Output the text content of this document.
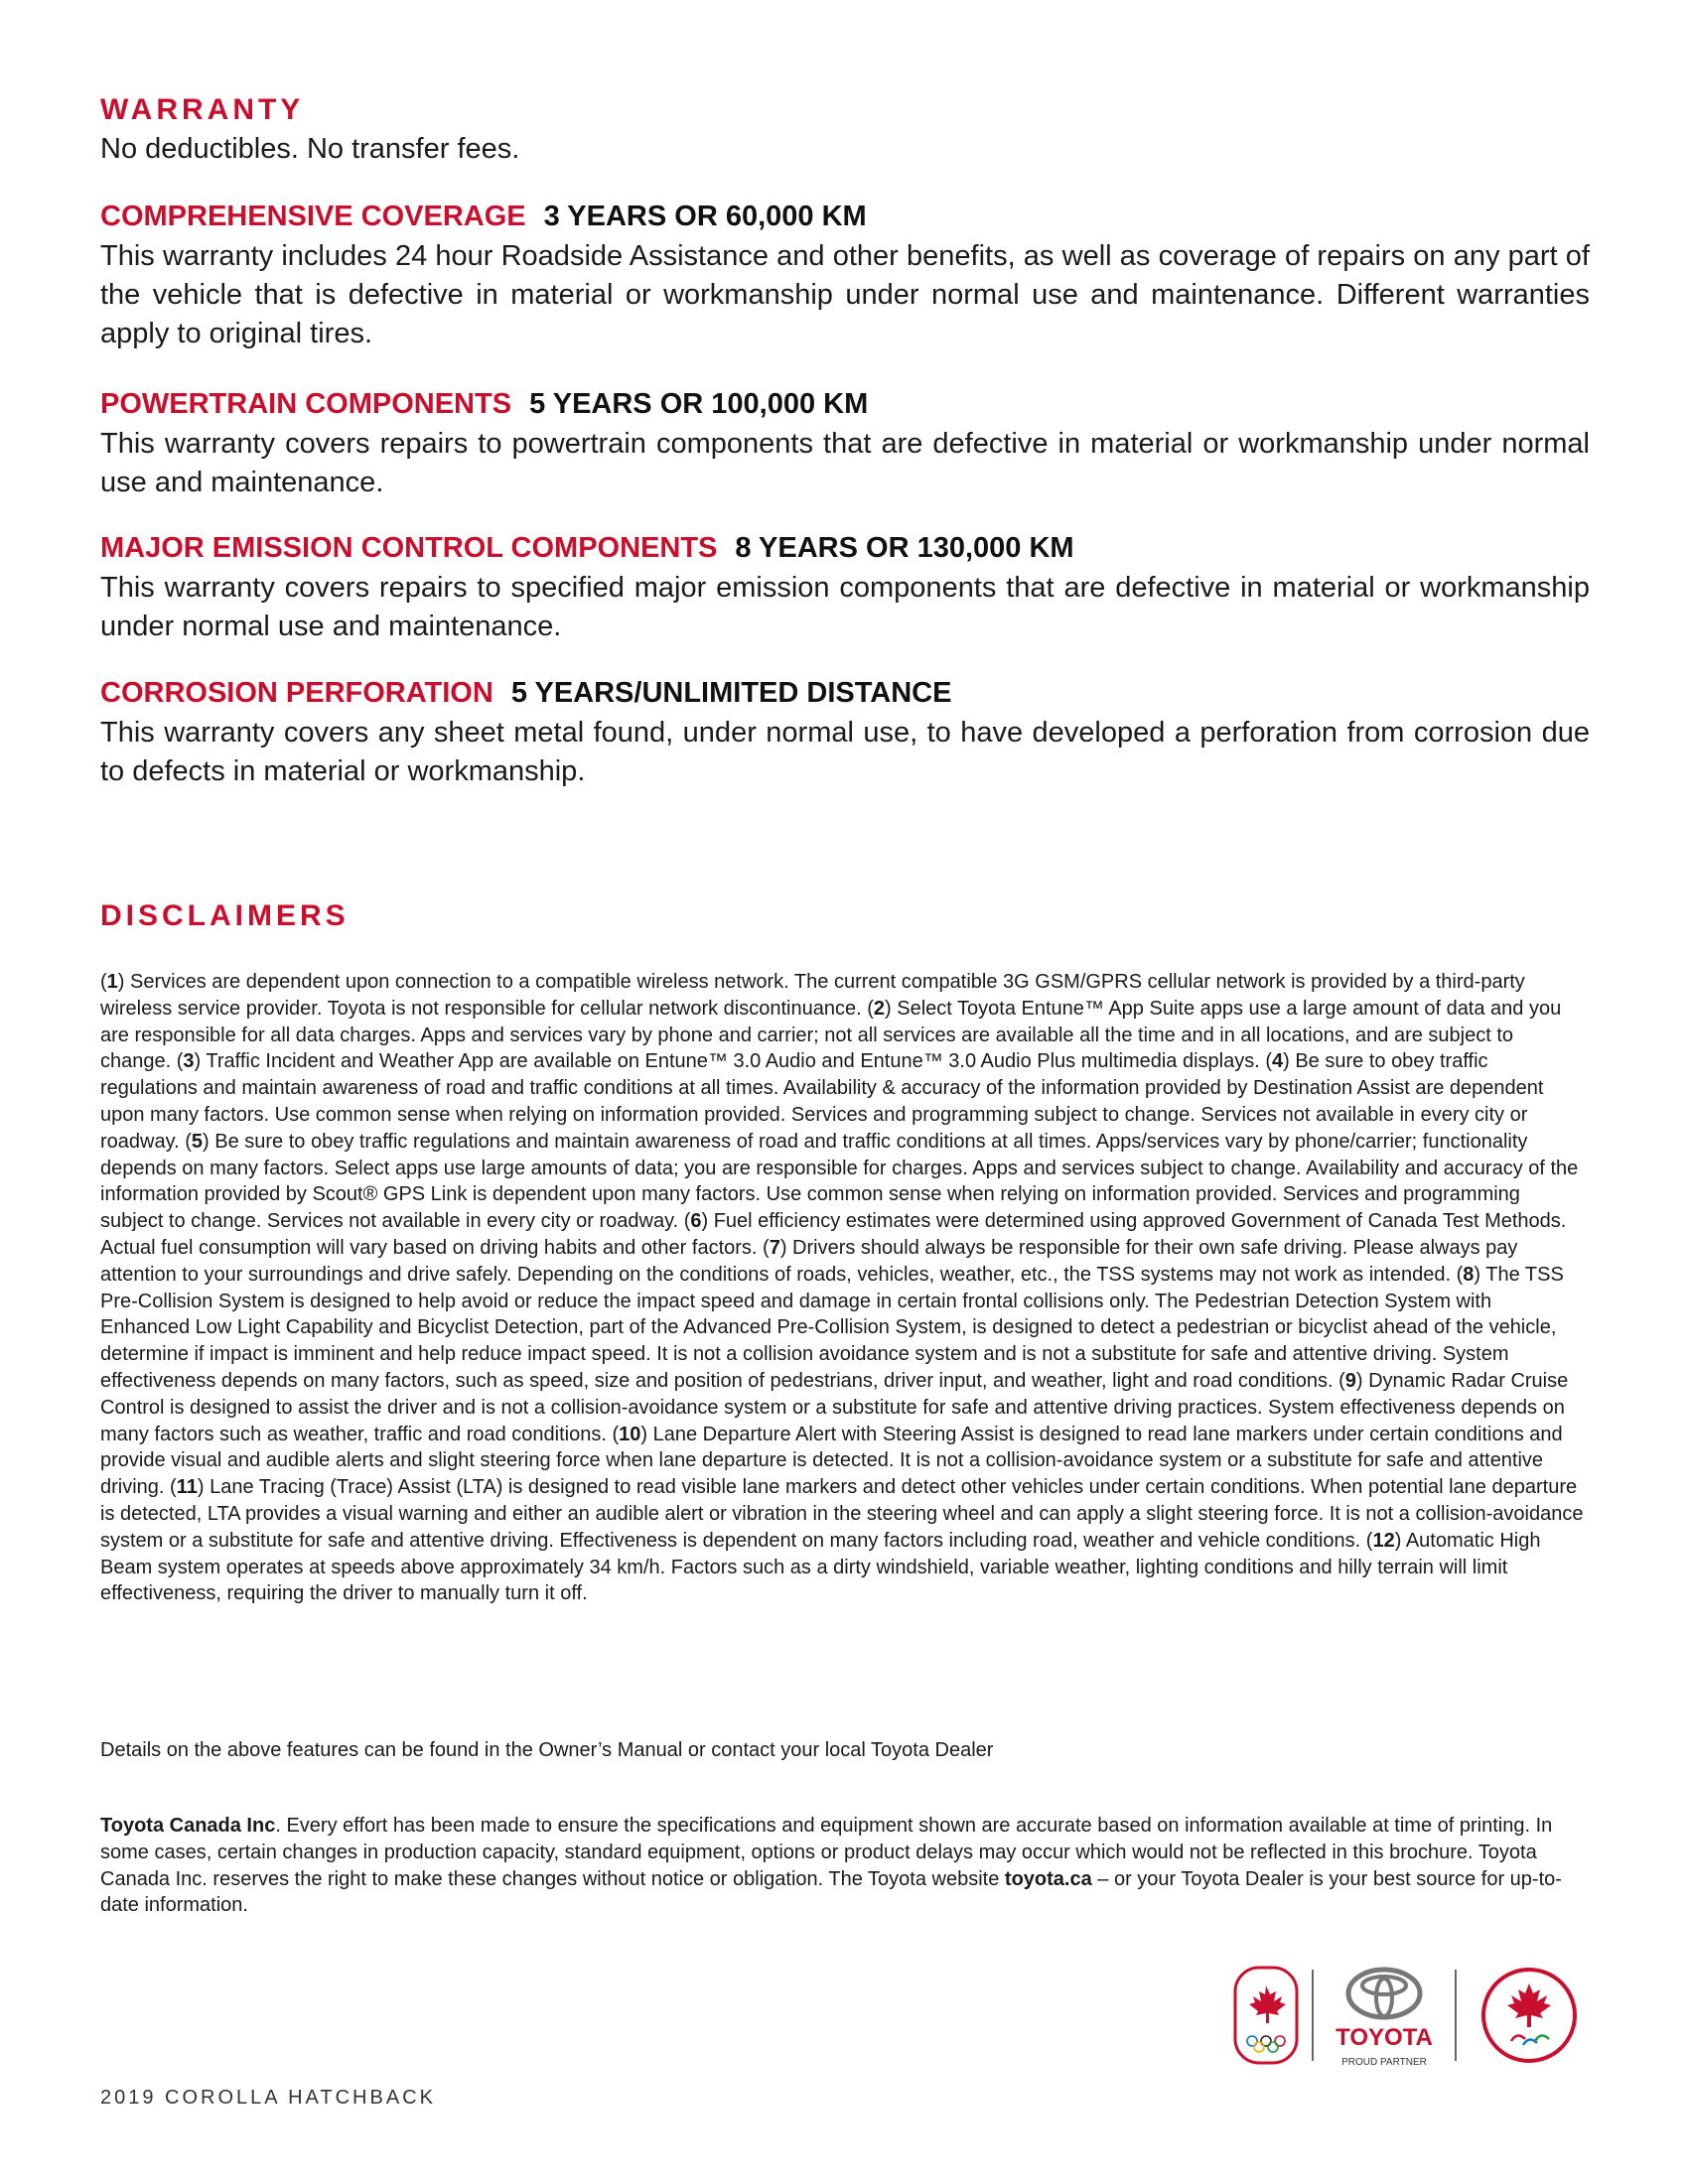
WARRANTY
No deductibles. No transfer fees.

COMPREHENSIVE COVERAGE 3 YEARS OR 60,000 KM

This warranty includes 24 hour Roadside Assistance and other benefits, as well as coverage of repairs on any part of the vehicle that is defective in material or workmanship under normal use and maintenance. Different warranties apply to original tires.

POWERTRAIN COMPONENTS 5 YEARS OR 100,000 KM

This warranty covers repairs to powertrain components that are defective in material or workmanship under normal use and maintenance.

MAJOR EMISSION CONTROL COMPONENTS 8 YEARS OR 130,000 KM

This warranty covers repairs to specified major emission components that are defective in material or workmanship under normal use and maintenance.

CORROSION PERFORATION 5 YEARS/UNLIMITED DISTANCE

This warranty covers any sheet metal found, under normal use, to have developed a perforation from corrosion due to defects in material or workmanship.

DISCLAIMERS

(1) Services are dependent upon connection to a compatible wireless network. The current compatible 3G GSM/GPRS cellular network is provided by a third-party wireless service provider. Toyota is not responsible for cellular network discontinuance. (2) Select Toyota Entune™ App Suite apps use a large amount of data and you are responsible for all data charges. Apps and services vary by phone and carrier; not all services are available all the time and in all locations, and are subject to change. (3) Traffic Incident and Weather App are available on Entune™ 3.0 Audio and Entune™ 3.0 Audio Plus multimedia displays. (4) Be sure to obey traffic regulations and maintain awareness of road and traffic conditions at all times. Availability & accuracy of the information provided by Destination Assist are dependent upon many factors. Use common sense when relying on information provided. Services and programming subject to change. Services not available in every city or roadway. (5) Be sure to obey traffic regulations and maintain awareness of road and traffic conditions at all times. Apps/services vary by phone/carrier; functionality depends on many factors. Select apps use large amounts of data; you are responsible for charges. Apps and services subject to change. Availability and accuracy of the information provided by Scout® GPS Link is dependent upon many factors. Use common sense when relying on information provided. Services and programming subject to change. Services not available in every city or roadway. (6) Fuel efficiency estimates were determined using approved Government of Canada Test Methods. Actual fuel consumption will vary based on driving habits and other factors. (7) Drivers should always be responsible for their own safe driving. Please always pay attention to your surroundings and drive safely. Depending on the conditions of roads, vehicles, weather, etc., the TSS systems may not work as intended. (8) The TSS Pre-Collision System is designed to help avoid or reduce the impact speed and damage in certain frontal collisions only. The Pedestrian Detection System with Enhanced Low Light Capability and Bicyclist Detection, part of the Advanced Pre-Collision System, is designed to detect a pedestrian or bicyclist ahead of the vehicle, determine if impact is imminent and help reduce impact speed. It is not a collision avoidance system and is not a substitute for safe and attentive driving. System effectiveness depends on many factors, such as speed, size and position of pedestrians, driver input, and weather, light and road conditions. (9) Dynamic Radar Cruise Control is designed to assist the driver and is not a collision-avoidance system or a substitute for safe and attentive driving practices. System effectiveness depends on many factors such as weather, traffic and road conditions. (10) Lane Departure Alert with Steering Assist is designed to read lane markers under certain conditions and provide visual and audible alerts and slight steering force when lane departure is detected. It is not a collision-avoidance system or a substitute for safe and attentive driving. (11) Lane Tracing (Trace) Assist (LTA) is designed to read visible lane markers and detect other vehicles under certain conditions. When potential lane departure is detected, LTA provides a visual warning and either an audible alert or vibration in the steering wheel and can apply a slight steering force. It is not a collision-avoidance system or a substitute for safe and attentive driving. Effectiveness is dependent on many factors including road, weather and vehicle conditions. (12) Automatic High Beam system operates at speeds above approximately 34 km/h. Factors such as a dirty windshield, variable weather, lighting conditions and hilly terrain will limit effectiveness, requiring the driver to manually turn it off.

Details on the above features can be found in the Owner’s Manual or contact your local Toyota Dealer

Toyota Canada Inc. Every effort has been made to ensure the specifications and equipment shown are accurate based on information available at time of printing. In some cases, certain changes in production capacity, standard equipment, options or product delays may occur which would not be reflected in this brochure. Toyota Canada Inc. reserves the right to make these changes without notice or obligation. The Toyota website toyota.ca – or your Toyota Dealer is your best source for up-to-date information.

2019 COROLLA HATCHBACK
TOYOTA
PROUD PARTNER
